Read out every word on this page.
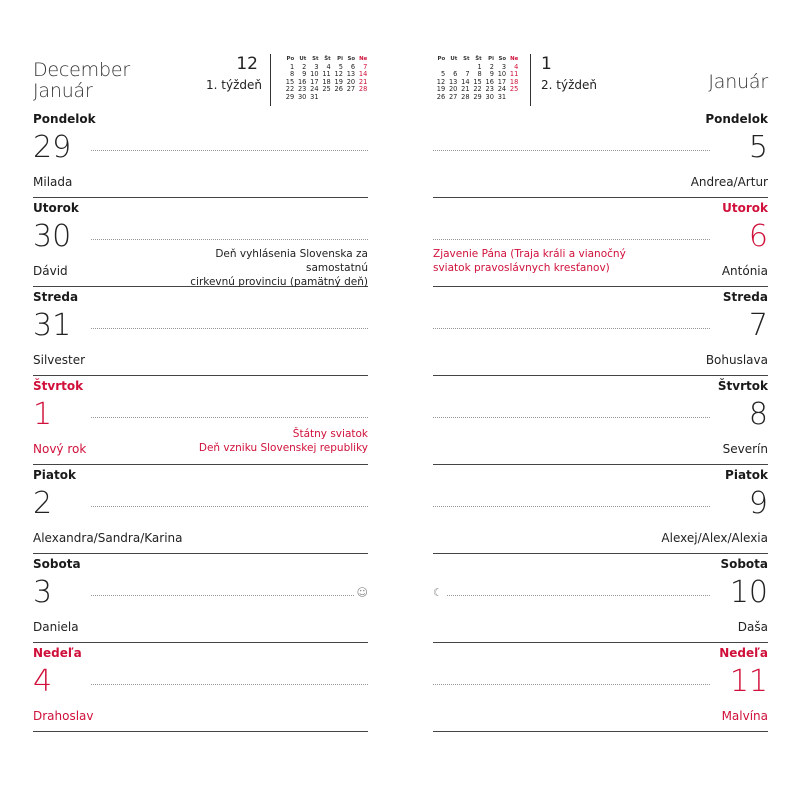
December
Január
12
1. týždeň
Po	Ut	St	Št	Pi	So	Ne
1	2	3	4	5	6	7
8	9	10	11	12	13	14
15	16	17	18	19	20	21
22	23	24	25	26	27	28
29	30	31				
Pondelok
29
Milada
Utorok
30	Deň vyhlásenia Slovenska za samostatnú
cirkevnú provinciu (pamätný deň)
Dávid
Streda
31
Silvester
Štvrtok
1
Štátny sviatok
Deň vzniku Slovenskej republiky
Nový rok
Piatok
2
Alexandra/Sandra/Karina
Sobota
3	☺
Daniela
Nedeľa
4
Drahoslav
Po	Ut	St	Št	Pi	So	Ne
			1	2	3	4
5	6	7	8	9	10	11
12	13	14	15	16	17	18
19	20	21	22	23	24	25
26	27	28	29	30	31	
1
2. týždeň	Január
Pondelok
5
Andrea/Artur
Utorok
6
Zjavenie Pána (Traja králi a vianočný
sviatok pravoslávnych kresťanov)	Antónia
Streda
7
Bohuslava
Štvrtok
8
Severín
Piatok
9
Alexej/Alex/Alexia
Sobota
10
☾
Daša
Nedeľa
11
Malvína
